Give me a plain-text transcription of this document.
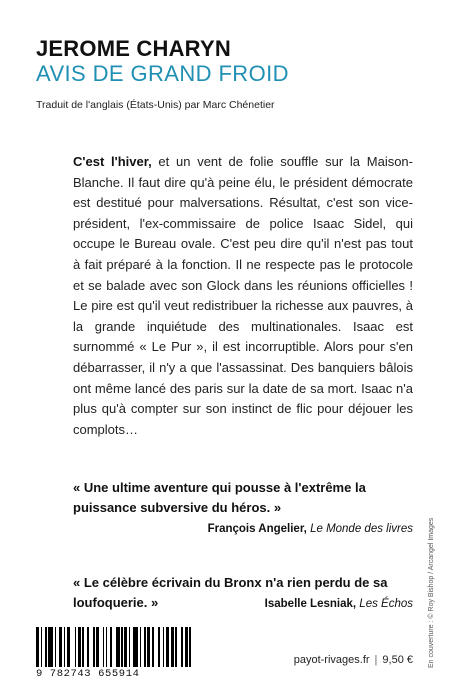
JEROME CHARYN
AVIS DE GRAND FROID
Traduit de l'anglais (États-Unis) par Marc Chénetier
C'est l'hiver, et un vent de folie souffle sur la Maison-Blanche. Il faut dire qu'à peine élu, le président démocrate est destitué pour malversations. Résultat, c'est son vice-président, l'ex-commissaire de police Isaac Sidel, qui occupe le Bureau ovale. C'est peu dire qu'il n'est pas tout à fait préparé à la fonction. Il ne respecte pas le protocole et se balade avec son Glock dans les réunions officielles ! Le pire est qu'il veut redistribuer la richesse aux pauvres, à la grande inquiétude des multinationales. Isaac est surnommé « Le Pur », il est incorruptible. Alors pour s'en débarrasser, il n'y a que l'assassinat. Des banquiers bâlois ont même lancé des paris sur la date de sa mort. Isaac n'a plus qu'à compter sur son instinct de flic pour déjouer les complots…
« Une ultime aventure qui pousse à l'extrême la puissance subversive du héros. »
François Angelier, Le Monde des livres
« Le célèbre écrivain du Bronx n'a rien perdu de sa loufoquerie. »	Isabelle Lesniak, Les Échos En couverture : © Roy Bishop / Arcangel Images
9 782743 655914
payot-rivages.fr | 9,50 €
